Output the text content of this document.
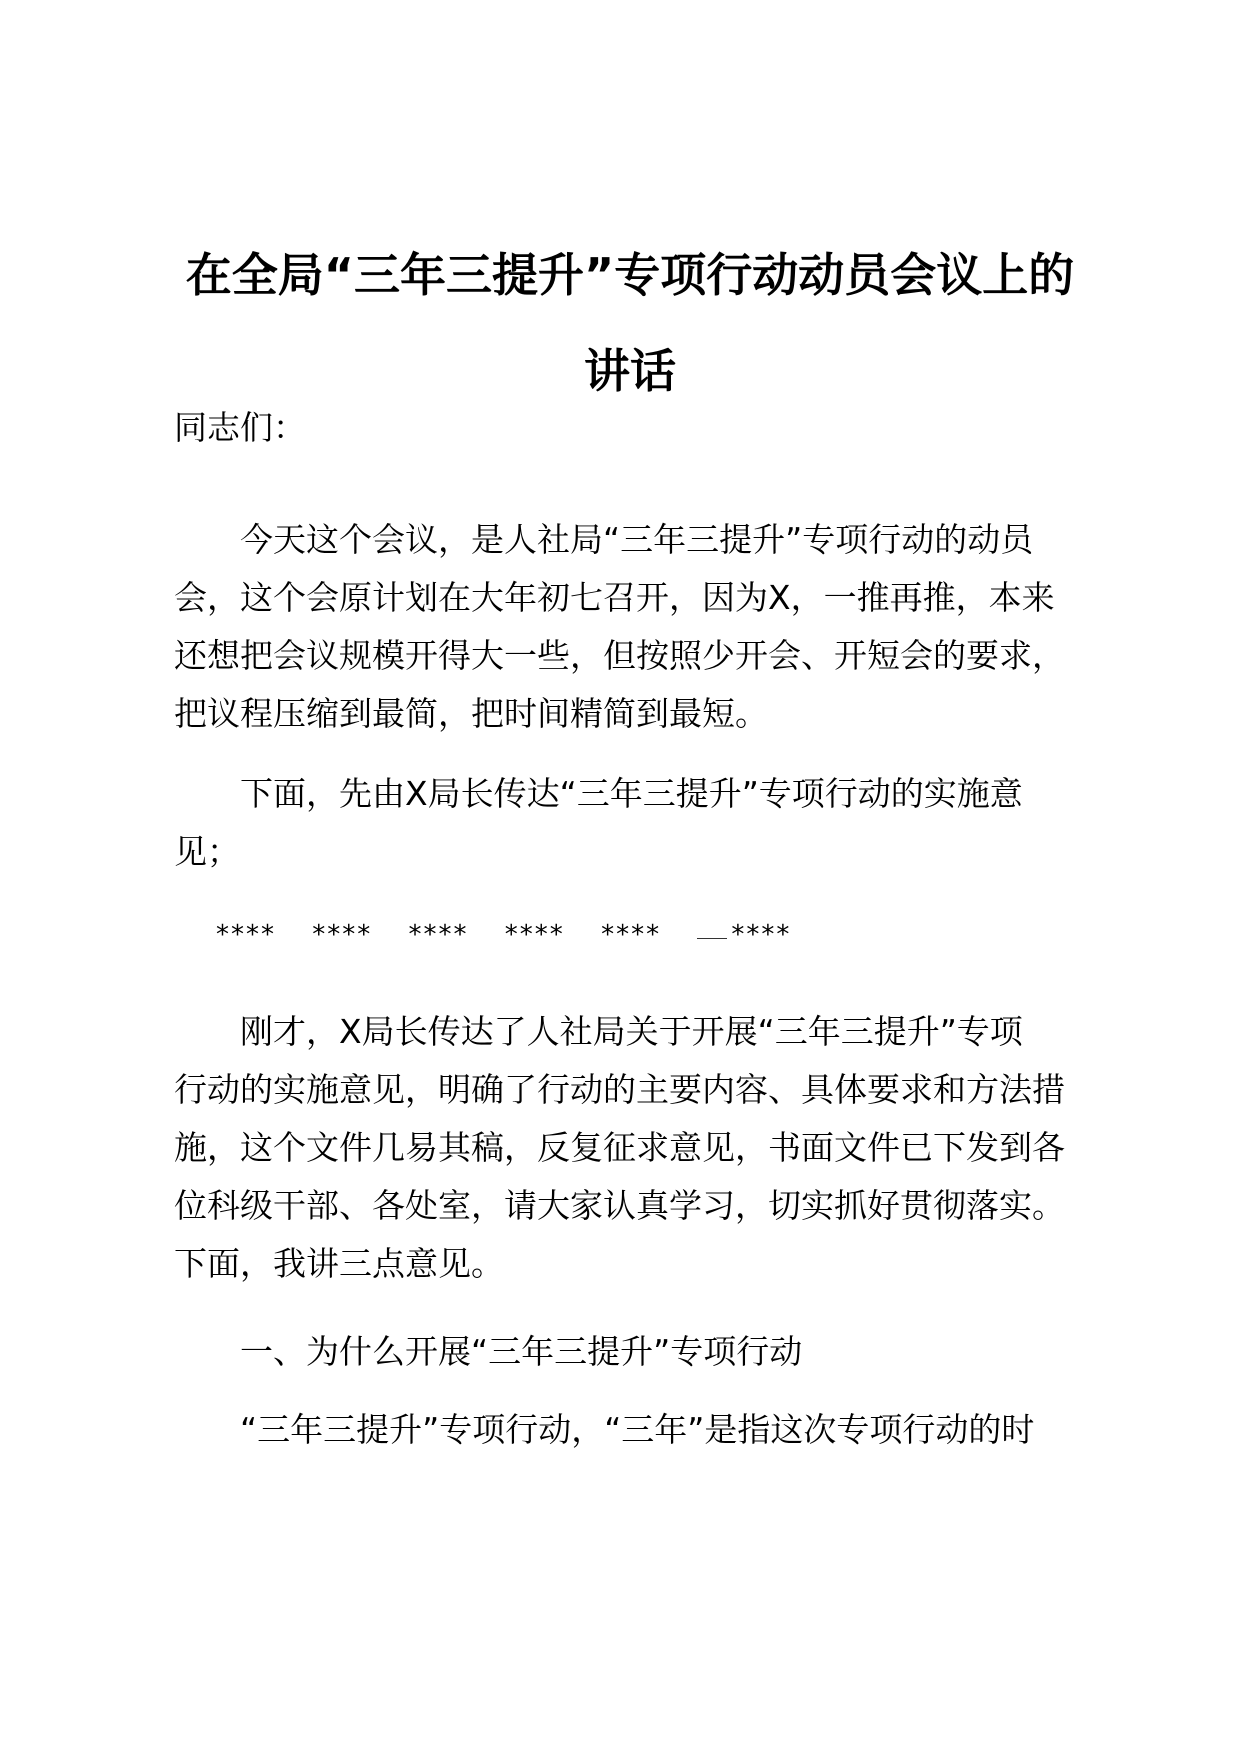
在全局“三年三提升”专项行动动员会议上的
讲话

同志们：

今天这个会议，是人社局“三年三提升”专项行动的动员

会，这个会原计划在大年初七召开，因为X，一推再推，本来

还想把会议规模开得大一些，但按照少开会、开短会的要求，

把议程压缩到最简，把时间精简到最短。

下面，先由X局长传达“三年三提升”专项行动的实施意

见；

**** **** **** **** ****	****

刚才，X局长传达了人社局关于开展“三年三提升”专项

行动的实施意见，明确了行动的主要内容、具体要求和方法措

施，这个文件几易其稿，反复征求意见，书面文件已下发到各

位科级干部、各处室，请大家认真学习，切实抓好贯彻落实。

下面，我讲三点意见。

一、为什么开展“三年三提升”专项行动

“三年三提升”专项行动，“三年”是指这次专项行动的时
